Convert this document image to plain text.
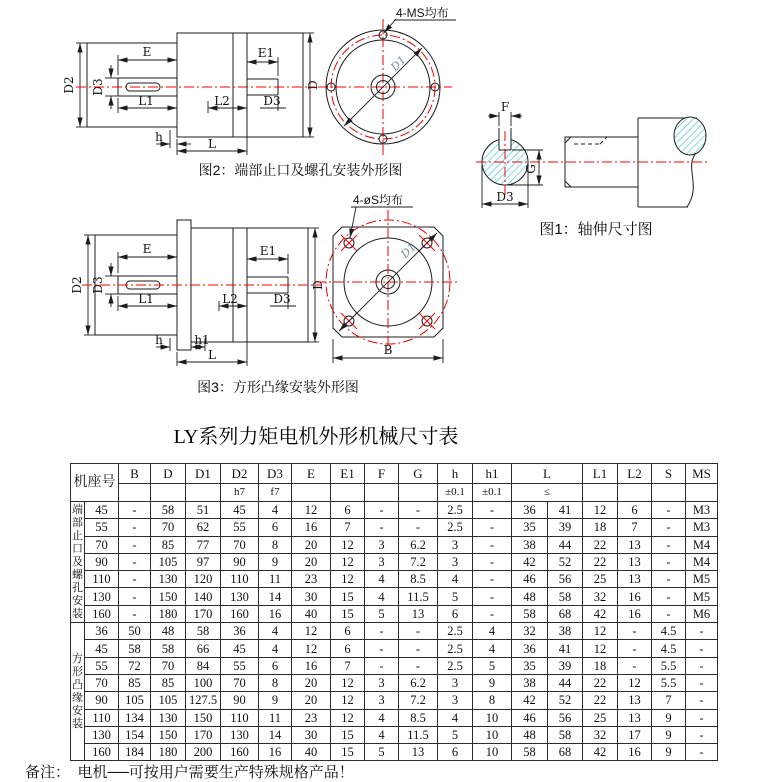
E
D3
L1
D2
E1
D3
L2
D
h	L
D1
4-MS均布
图2：端部止口及螺孔安装外形图
F
G
D3
图1：轴伸尺寸图
E
D3
L1
D2
E1
D3
L2
D
h	h1
L
D1
4-øS均布
B
图3：方形凸缘安装外形图
LY系列力矩电机外形机械尺寸表
机座号		B	D	D1	D2	D3	E	E1	F	G	h	h1	L		L1	L2	S	MS
					h7	f7					±0.1	±0.1	≤					
端部止口及螺孔安装	45	-	58	51	45	4	12	6	-	-	2.5	-	36	41	12	6	-	M3
	55	-	70	62	55	6	16	7	-	-	2.5	-	35	39	18	7	-	M3
	70	-	85	77	70	8	20	12	3	6.2	3	-	38	44	22	13	-	M4
	90	-	105	97	90	9	20	12	3	7.2	3	-	42	52	22	13	-	M4
	110	-	130	120	110	11	23	12	4	8.5	4	-	46	56	25	13	-	M5
	130	-	150	140	130	14	30	15	4	11.5	5	-	48	58	32	16	-	M5
	160	-	180	170	160	16	40	15	5	13	6	-	58	68	42	16	-	M6
方形凸缘安装	36	50	48	58	36	4	12	6	-	-	2.5	4	32	38	12	-	4.5	-
	45	58	58	66	45	4	12	6	-	-	2.5	4	36	41	12	-	4.5	-
	55	72	70	84	55	6	16	7	-	-	2.5	5	35	39	18	-	5.5	-
	70	85	85	100	70	8	20	12	3	6.2	3	9	38	44	22	12	5.5	-
	90	105	105	127.5	90	9	20	12	3	7.2	3	8	42	52	22	13	7	-
	110	134	130	150	110	11	23	12	4	8.5	4	10	46	56	25	13	9	-
	130	154	150	170	130	14	30	15	4	11.5	5	10	48	58	32	17	9	-
	160	184	180	200	160	16	40	15	5	13	6	10	58	68	42	16	9	-
备注：　电机──可按用户需要生产特殊规格产品！
